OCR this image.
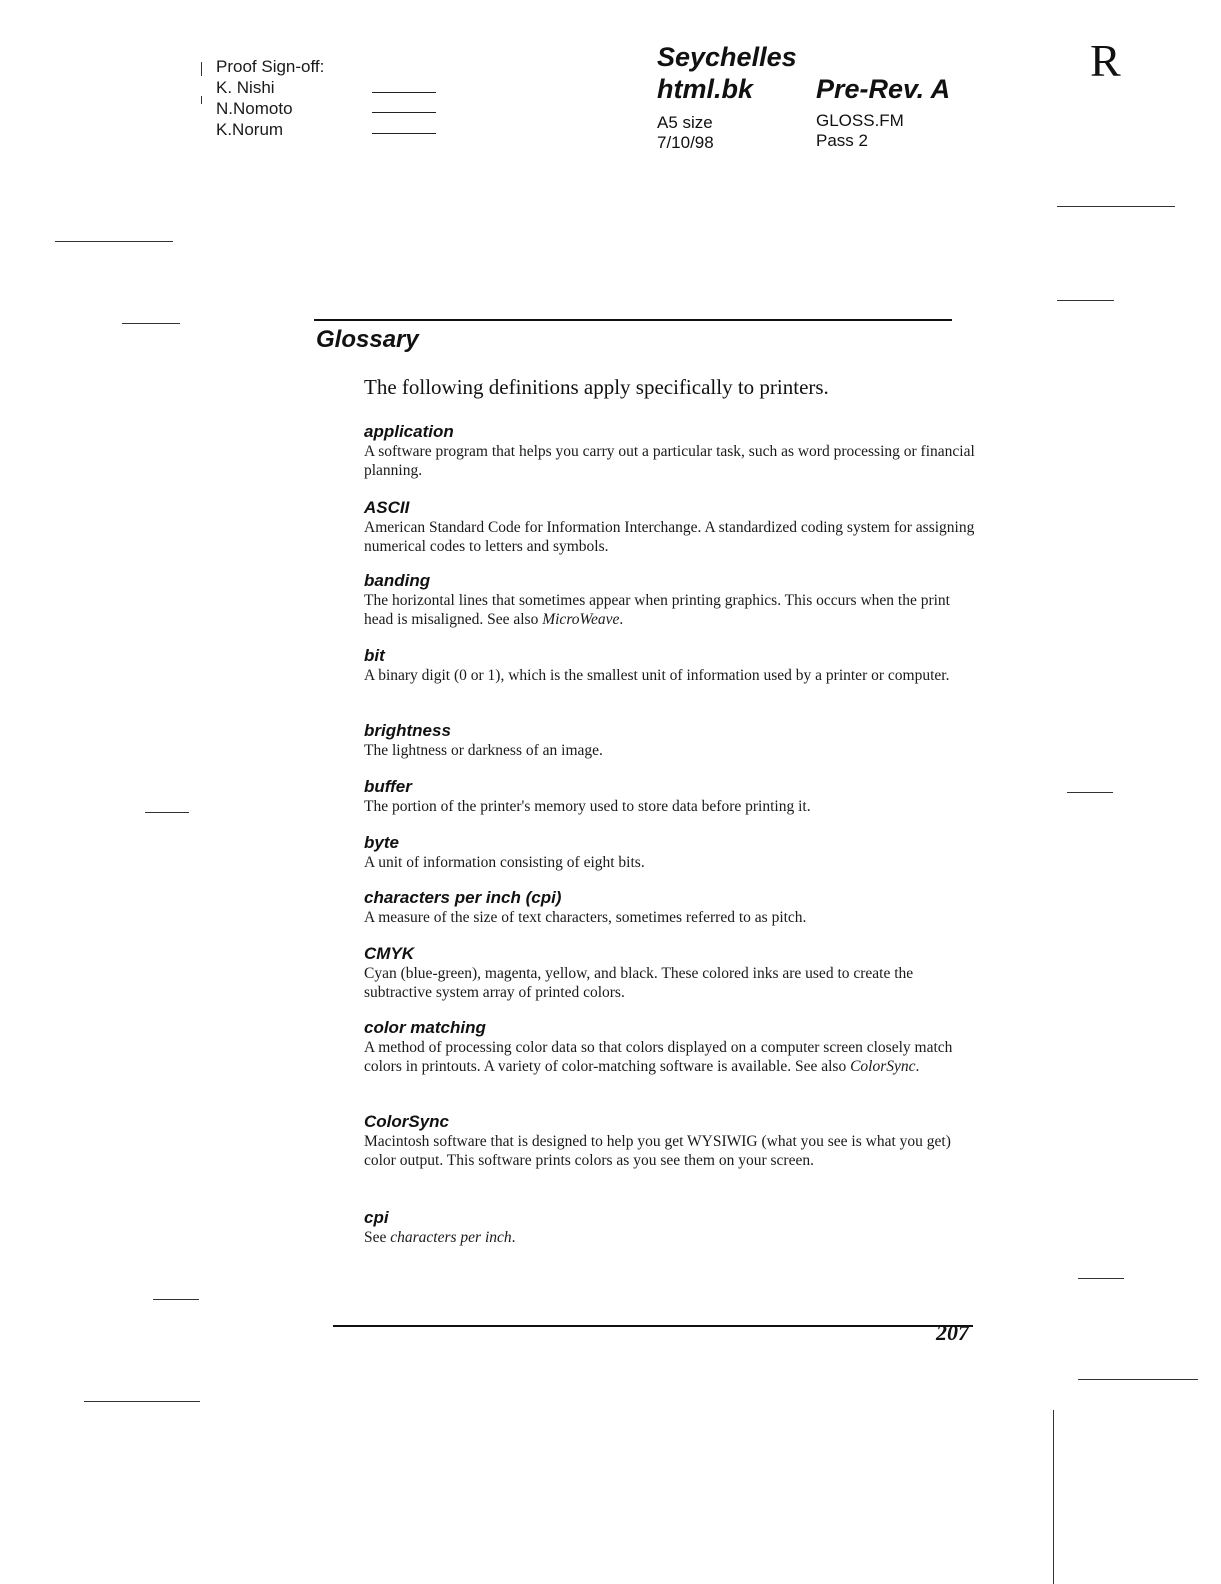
Proof Sign-off:
K. Nishi
N.Nomoto
K.Norum
Seychelles
html.bk Pre-Rev. A
A5 size
7/10/98
GLOSS.FM
Pass 2
R
Glossary
The following definitions apply specifically to printers.
application
A software program that helps you carry out a particular task, such as word processing or financial planning.
ASCII
American Standard Code for Information Interchange. A standardized coding system for assigning numerical codes to letters and symbols.
banding
The horizontal lines that sometimes appear when printing graphics. This occurs when the print head is misaligned. See also MicroWeave.
bit
A binary digit (0 or 1), which is the smallest unit of information used by a printer or computer.
brightness
The lightness or darkness of an image.
buffer
The portion of the printer's memory used to store data before printing it.
byte
A unit of information consisting of eight bits.
characters per inch (cpi)
A measure of the size of text characters, sometimes referred to as pitch.
CMYK
Cyan (blue-green), magenta, yellow, and black. These colored inks are used to create the subtractive system array of printed colors.
color matching
A method of processing color data so that colors displayed on a computer screen closely match colors in printouts. A variety of color-matching software is available. See also ColorSync.
ColorSync
Macintosh software that is designed to help you get WYSIWIG (what you see is what you get) color output. This software prints colors as you see them on your screen.
cpi
See characters per inch.
207
